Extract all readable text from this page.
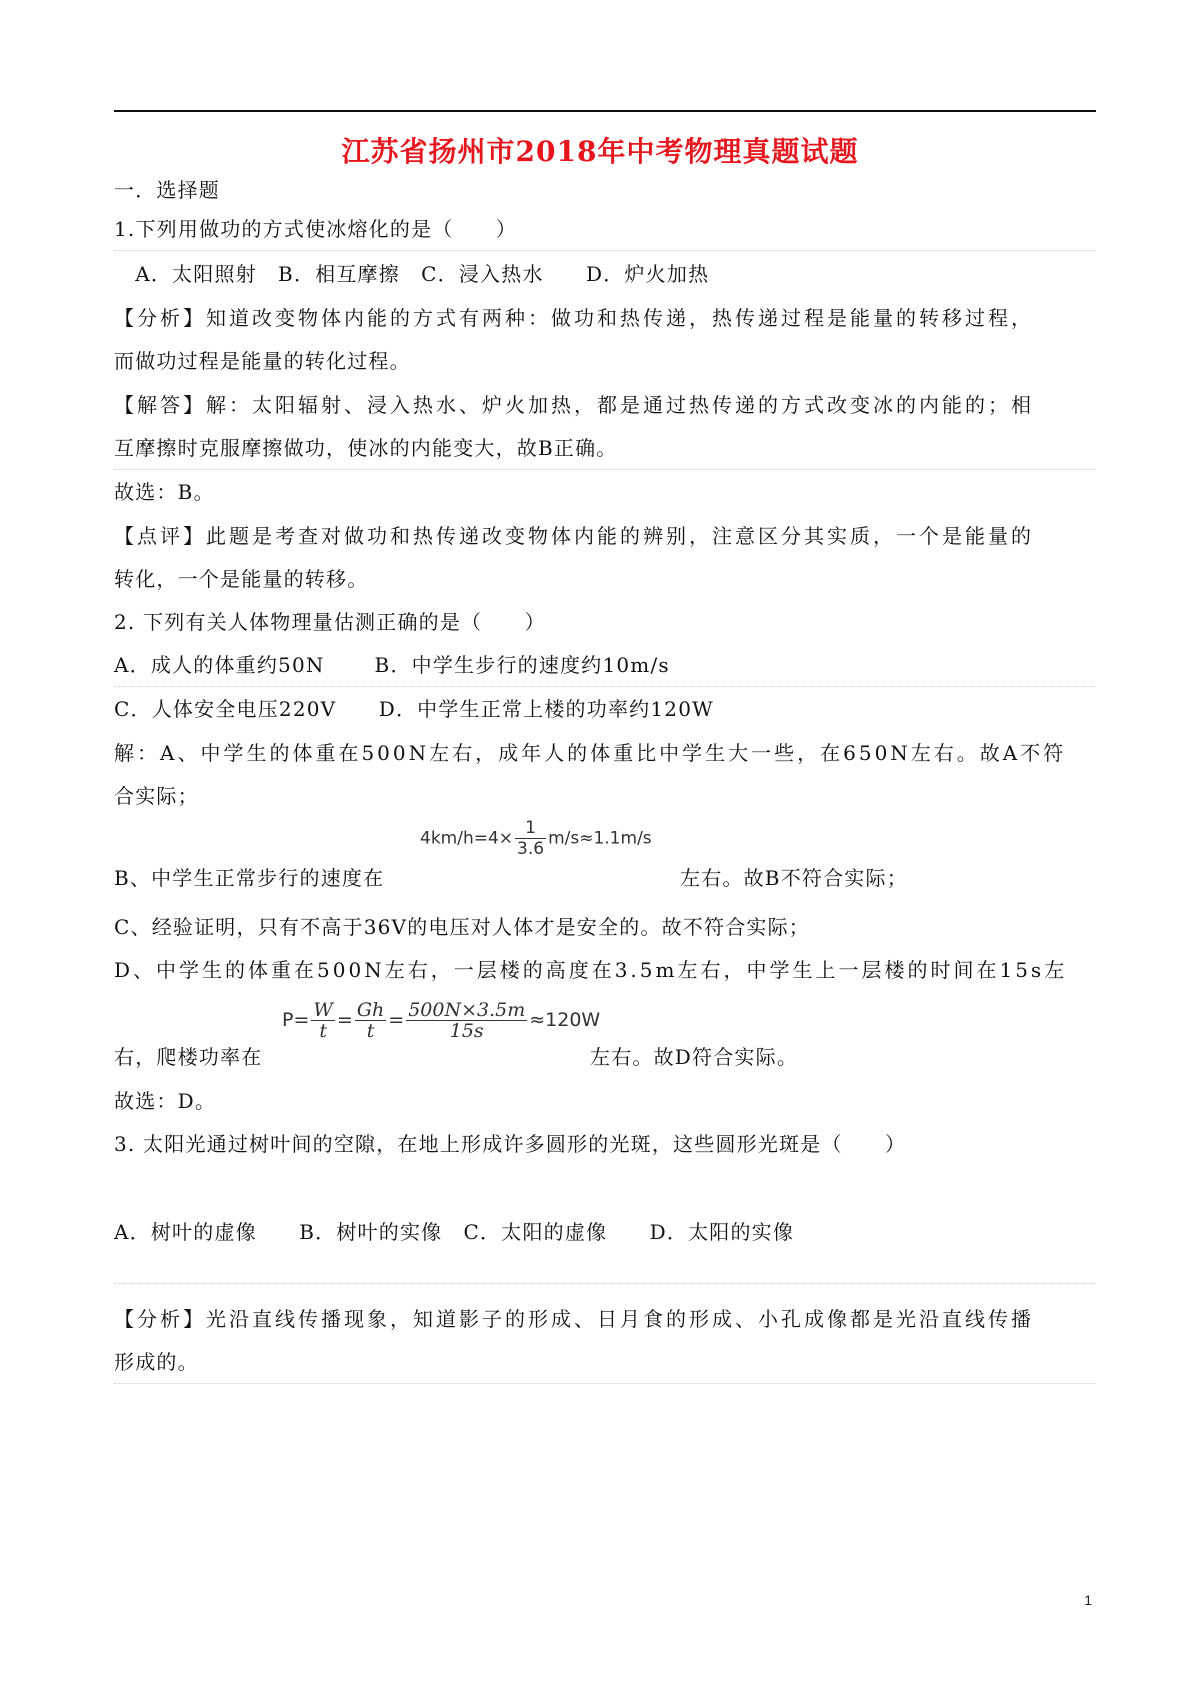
江苏省扬州市2018年中考物理真题试题
一．选择题
1.下列用做功的方式使冰熔化的是（　　）
　A．太阳照射　B．相互摩擦　C．浸入热水　　D．炉火加热
【分析】知道改变物体内能的方式有两种：做功和热传递，热传递过程是能量的转移过程，
而做功过程是能量的转化过程。
【解答】解：太阳辐射、浸入热水、炉火加热，都是通过热传递的方式改变冰的内能的；相
互摩擦时克服摩擦做功，使冰的内能变大，故B正确。
故选：B。
【点评】此题是考查对做功和热传递改变物体内能的辨别，注意区分其实质，一个是能量的
转化，一个是能量的转移。
2. 下列有关人体物理量估测正确的是（　　）
A．成人的体重约50N　　 B．中学生步行的速度约10m/s
C．人体安全电压220V　　D．中学生正常上楼的功率约120W
解：A、中学生的体重在500N左右，成年人的体重比中学生大一些，在650N左右。故A不符
合实际；
B、中学生正常步行的速度在
$4km/h=4\times \frac{1}{3.6} m/s\approx 1.1m/s$
左右。故B不符合实际；
C、经验证明，只有不高于36V的电压对人体才是安全的。故不符合实际；
D、中学生的体重在500N左右，一层楼的高度在3.5m左右，中学生上一层楼的时间在15s左
右，爬楼功率在
$P= \frac{W}{t} = \frac{Gh}{t} = \frac{500N\times 3.5m}{15s} \approx 120W$
左右。故D符合实际。
故选：D。
3. 太阳光通过树叶间的空隙，在地上形成许多圆形的光斑，这些圆形光斑是（　　）
A．树叶的虚像　　B．树叶的实像　C．太阳的虚像　　D．太阳的实像
【分析】光沿直线传播现象，知道影子的形成、日月食的形成、小孔成像都是光沿直线传播
形成的。
1
